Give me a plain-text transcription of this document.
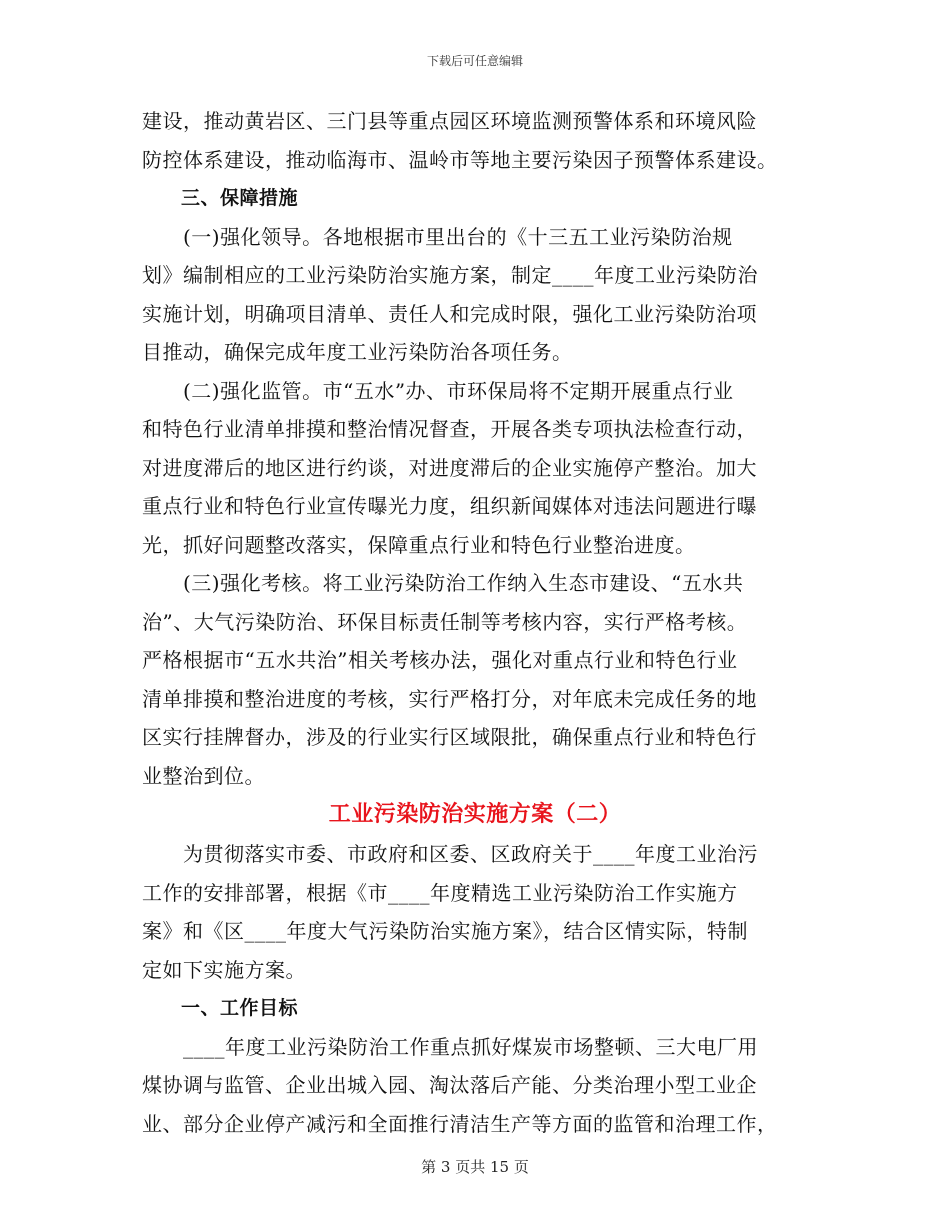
下载后可任意编辑
建设，推动黄岩区、三门县等重点园区环境监测预警体系和环境风险
防控体系建设，推动临海市、温岭市等地主要污染因子预警体系建设。
　　三、保障措施
　　(一)强化领导。各地根据市里出台的《十三五工业污染防治规
划》编制相应的工业污染防治实施方案，制定____年度工业污染防治
实施计划，明确项目清单、责任人和完成时限，强化工业污染防治项
目推动，确保完成年度工业污染防治各项任务。
　　(二)强化监管。市“五水”办、市环保局将不定期开展重点行业
和特色行业清单排摸和整治情况督查，开展各类专项执法检查行动，
对进度滞后的地区进行约谈，对进度滞后的企业实施停产整治。加大
重点行业和特色行业宣传曝光力度，组织新闻媒体对违法问题进行曝
光，抓好问题整改落实，保障重点行业和特色行业整治进度。
　　(三)强化考核。将工业污染防治工作纳入生态市建设、“五水共
治”、大气污染防治、环保目标责任制等考核内容，实行严格考核。
严格根据市“五水共治”相关考核办法，强化对重点行业和特色行业
清单排摸和整治进度的考核，实行严格打分，对年底未完成任务的地
区实行挂牌督办，涉及的行业实行区域限批，确保重点行业和特色行
业整治到位。
工业污染防治实施方案（二）
　　为贯彻落实市委、市政府和区委、区政府关于____年度工业治污
工作的安排部署，根据《市____年度精选工业污染防治工作实施方
案》和《区____年度大气污染防治实施方案》，结合区情实际，特制
定如下实施方案。
　　一、工作目标
　　____年度工业污染防治工作重点抓好煤炭市场整顿、三大电厂用
煤协调与监管、企业出城入园、淘汰落后产能、分类治理小型工业企
业、部分企业停产减污和全面推行清洁生产等方面的监管和治理工作，
第 3 页共 15 页
